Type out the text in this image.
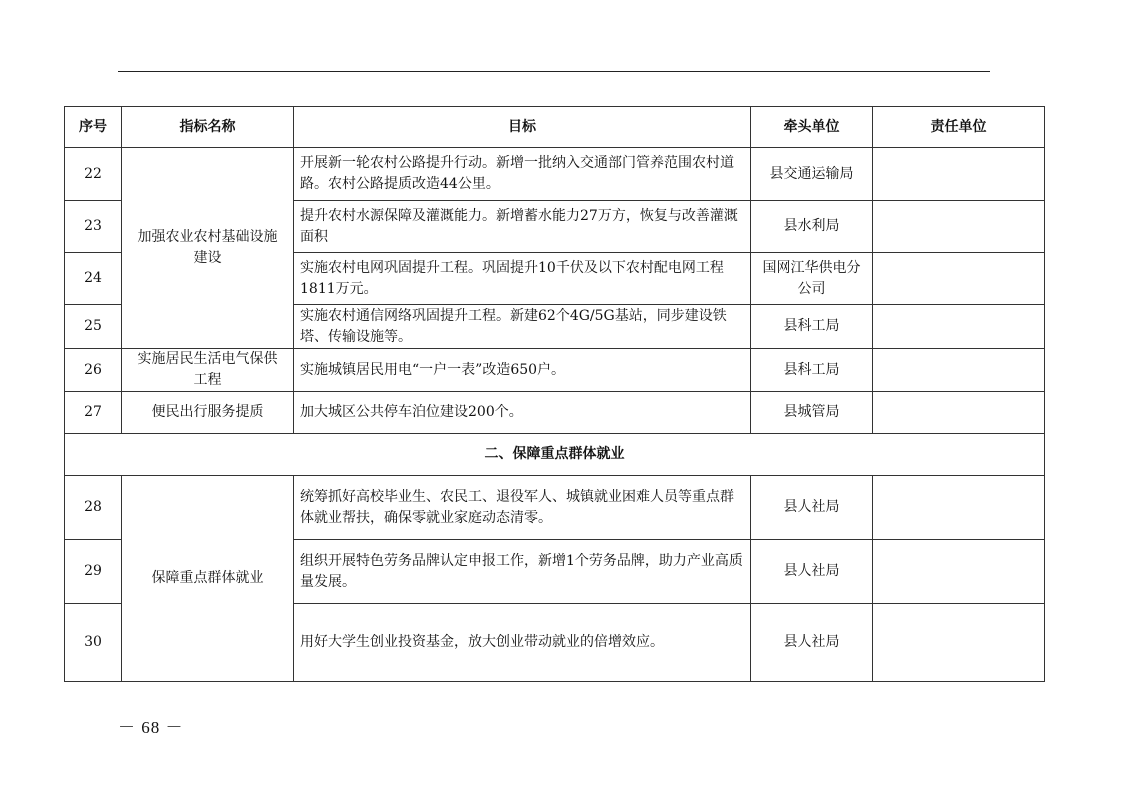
序号	指标名称	目标	牵头单位	责任单位
22	加强农业农村基础设施建设	开展新一轮农村公路提升行动。新增一批纳入交通部门管养范围农村道路。农村公路提质改造44公里。	县交通运输局	
23		提升农村水源保障及灌溉能力。新增蓄水能力27万方，恢复与改善灌溉面积	县水利局	
24		实施农村电网巩固提升工程。巩固提升10千伏及以下农村配电网工程1811万元。	国网江华供电分公司	
25		实施农村通信网络巩固提升工程。新建62个4G/5G基站，同步建设铁塔、传输设施等。	县科工局	
26	实施居民生活电气保供工程	实施城镇居民用电“一户一表”改造650户。	县科工局	
27	便民出行服务提质	加大城区公共停车泊位建设200个。	县城管局	
二、保障重点群体就业				
28	保障重点群体就业	统筹抓好高校毕业生、农民工、退役军人、城镇就业困难人员等重点群体就业帮扶，确保零就业家庭动态清零。	县人社局	
29		组织开展特色劳务品牌认定申报工作，新增1个劳务品牌，助力产业高质量发展。	县人社局	
30		用好大学生创业投资基金，放大创业带动就业的倍增效应。	县人社局	
－ 68 －
